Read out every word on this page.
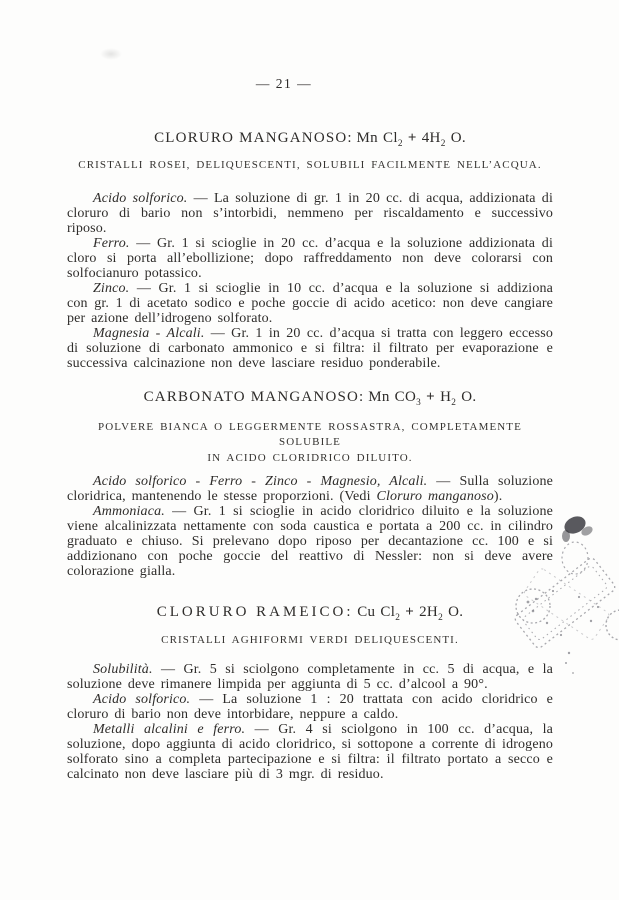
— 21 —
CLORURO MANGANOSO: Mn $Cl_2 + 4H_2$ O.
CRISTALLI ROSEI, DELIQUESCENTI, SOLUBILI FACILMENTE NELL’ACQUA.

Acido solforico. — La soluzione di gr. 1 in 20 cc. di acqua, addizionata di cloruro di bario non s’intorbidi, nemmeno per riscaldamento e successivo riposo.

Ferro. — Gr. 1 si scioglie in 20 cc. d’acqua e la soluzione addizionata di cloro si porta all’ebollizione; dopo raffreddamento non deve colorarsi con solfocianuro potassico.

Zinco. — Gr. 1 si scioglie in 10 cc. d’acqua e la soluzione si addiziona con gr. 1 di acetato sodico e poche goccie di acido acetico: non deve cangiare per azione dell’idrogeno solforato.

Magnesia - Alcali. — Gr. 1 in 20 cc. d’acqua si tratta con leggero eccesso di soluzione di carbonato ammonico e si filtra: il filtrato per evaporazione e successiva calcinazione non deve lasciare residuo ponderabile.

CARBONATO MANGANOSO: Mn $CO_3 + H_2$ O.
POLVERE BIANCA O LEGGERMENTE ROSSASTRA, COMPLETAMENTE SOLUBILE
IN ACIDO CLORIDRICO DILUITO.

Acido solforico - Ferro - Zinco - Magnesio, Alcali. — Sulla soluzione cloridrica, mantenendo le stesse proporzioni. (Vedi Cloruro manganoso).

Ammoniaca. — Gr. 1 si scioglie in acido cloridrico diluito e la soluzione viene alcalinizzata nettamente con soda caustica e portata a 200 cc. in cilindro graduato e chiuso. Si prelevano dopo riposo per decantazione cc. 100 e si addizionano con poche goccie del reattivo di Nessler: non si deve avere colorazione gialla.

CLORURO RAMEICO: Cu $Cl_2 + 2H_2$ O.
CRISTALLI AGHIFORMI VERDI DELIQUESCENTI.

Solubilità. — Gr. 5 si sciolgono completamente in cc. 5 di acqua, e la soluzione deve rimanere limpida per aggiunta di 5 cc. d’alcool a 90°.

Acido solforico. — La soluzione 1 : 20 trattata con acido cloridrico e cloruro di bario non deve intorbidare, neppure a caldo.

Metalli alcalini e ferro. — Gr. 4 si sciolgono in 100 cc. d’acqua, la soluzione, dopo aggiunta di acido cloridrico, si sottopone a corrente di idrogeno solforato sino a completa partecipazione e si filtra: il filtrato portato a secco e calcinato non deve lasciare più di 3 mgr. di residuo.
